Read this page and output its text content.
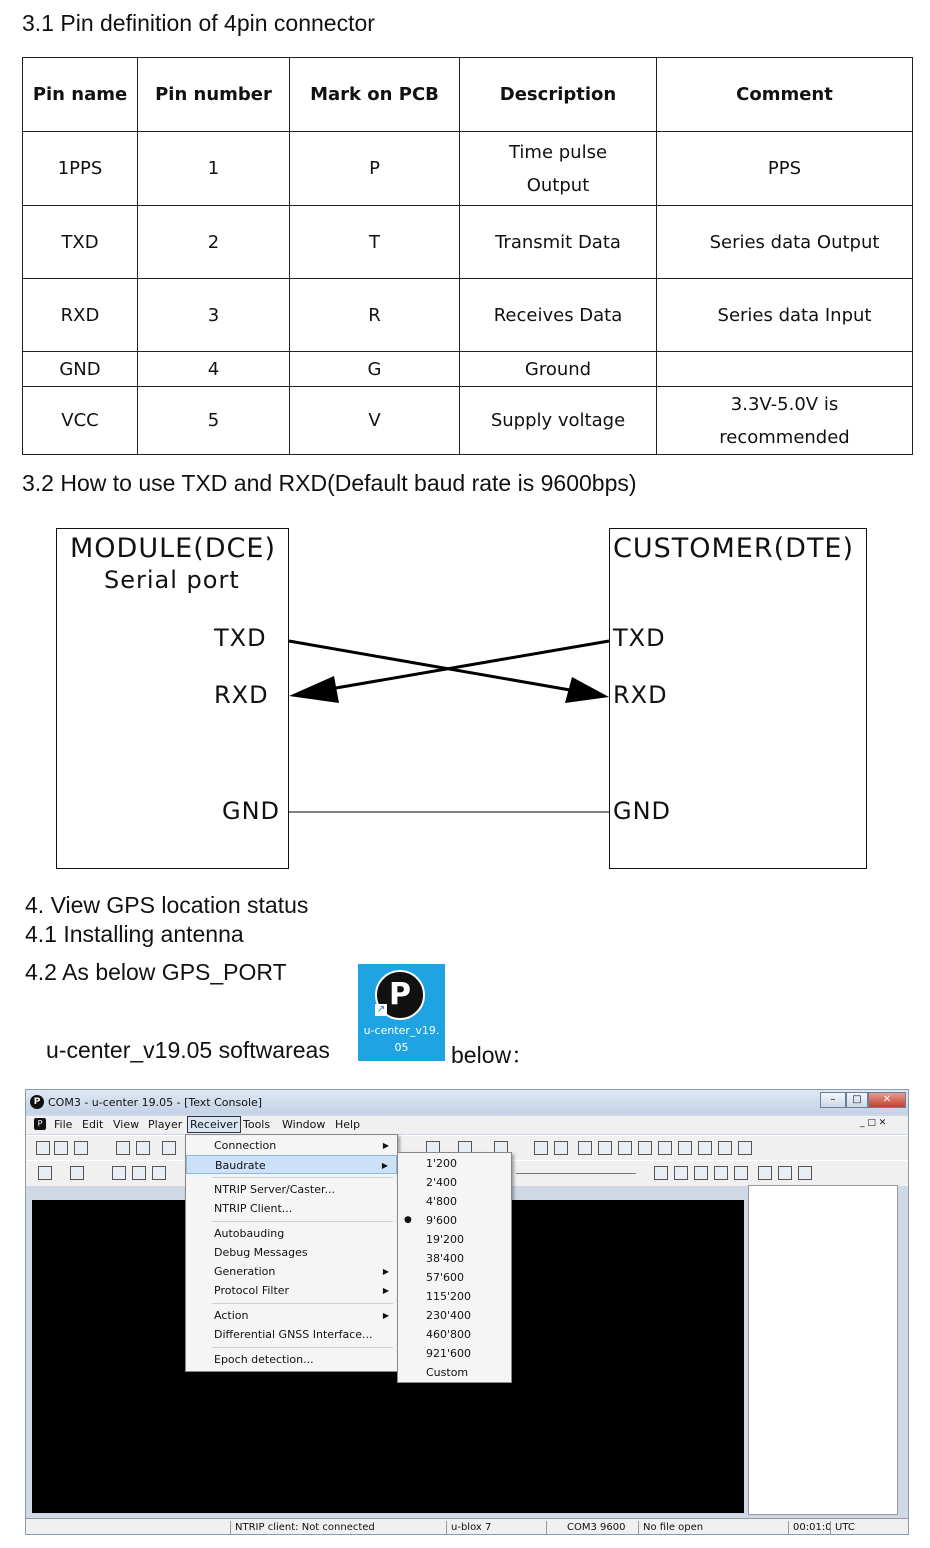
3.1 Pin definition of 4pin connector
Pin name	Pin number	Mark on PCB	Description	Comment
1PPS	1	P	Time pulse Output	PPS
TXD	2	T	Transmit Data	Series data Output
RXD	3	R	Receives Data	Series data Input
GND	4	G	Ground	
VCC	5	V	Supply voltage	3.3V-5.0V is recommended
3.2 How to use TXD and RXD(Default baud rate is 9600bps)
MODULE(DCE)
Serial port
TXD
RXD
GND
CUSTOMER(DTE)
TXD
RXD
GND
4. View GPS location status
4.1 Installing antenna
4.2 As below GPS_PORT
P
↗
u-center_v19.
05
u-center_v19.05 softwareas	below：
P COM3 - u-center 19.05 - [Text Console]	–	□	✕
P	File Edit View Player Receiver Tools Window Help	_ □ ✕
NTRIP client: Not connected	u-blox 7	COM3 9600	No file open	00:01:0 UTC
Connection	▶
Baudrate	▶
NTRIP Server/Caster...
NTRIP Client...
Autobauding
Debug Messages
Generation	▶
Protocol Filter	▶
Action	▶
Differential GNSS Interface...
Epoch detection...
1'200
2'400
4'800
● 9'600
19'200
38'400
57'600
115'200
230'400
460'800
921'600
Custom
